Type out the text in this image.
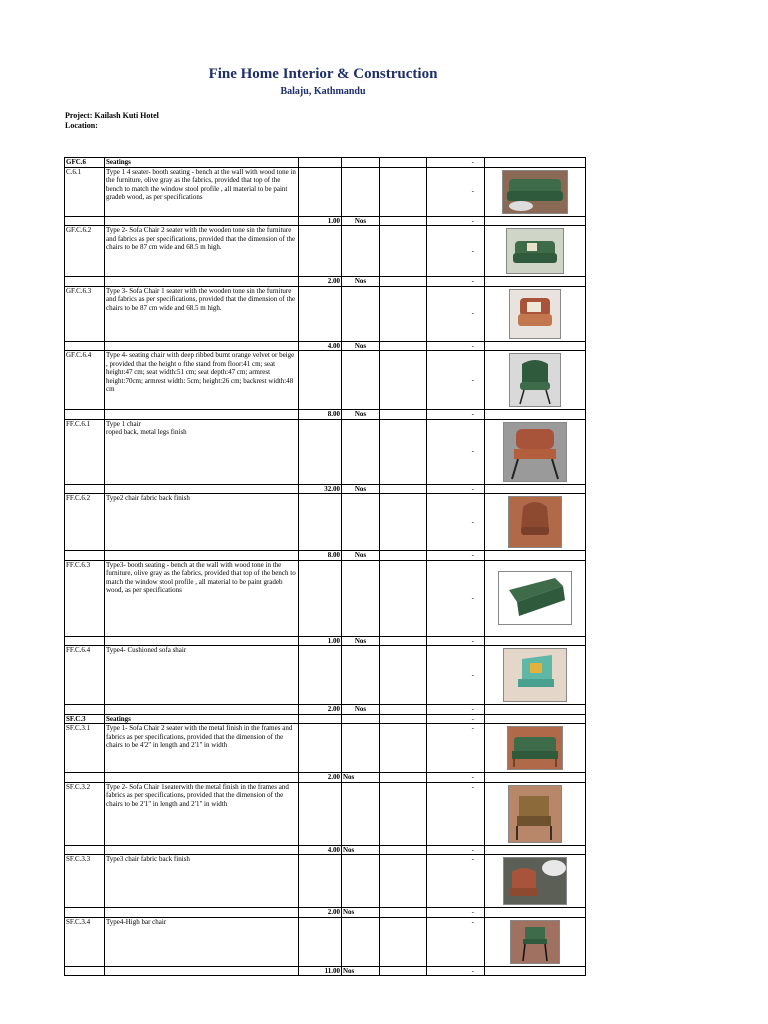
Fine Home Interior & Construction
Balaju, Kathmandu
Project: Kailash Kuti Hotel
Location:
GFC.6	Seatings				-	
C.6.1	Type 1 4 seater- booth seating - bench at the wall with wood tone in the furniture, olive gray as the fabrics, provided that top of the bench to match the window stool profile , all material to be paint gradeb wood, as per specifications				-	

		1.00	Nos		-	
GF.C.6.2	Type 2- Sofa Chair 2 seater with the wooden tone sin the furniture and fabrics as per specifications, provided that the dimension of the chairs to be 87 cm wide and 68.5 m high.				-	

		2.00	Nos		-	
GF.C.6.3	Type 3- Sofa Chair 1 seater with the wooden tone sin the furniture and fabrics as per specifications, provided that the dimension of the chairs to be 87 cm wide and 68.5 m high.				-	

		4.00	Nos		-	
GF.C.6.4	Type 4- seating chair with deep ribbed burnt orange velvet or beige , provided that the height o fthe stand from floor:41 cm; seat height:47 cm; seat width:51 cm; seat depth:47 cm; armrest height:70cm; armrest width: 5cm; height:26 cm; backrest width:48 cm				-	

		8.00	Nos		-	
FF.C.6.1	Type 1 chair
roped back, metal legs finish				-	

		32.00	Nos		-	
FF.C.6.2	Type2 chair fabric back finish				-	

		8.00	Nos		-	
FF.C.6.3	Type3- booth seating - bench at the wall with wood tone in the furniture, olive gray as the fabrics, provided that top of the bench to match the window stool profile , all material to be paint gradeb wood, as per specifications				-	

		1.00	Nos		-	
FF.C.6.4	Type4- Cushioned sofa shair				-	

		2.00	Nos		-	
SF.C.3	Seatings				-	
SF.C.3.1	Type 1- Sofa Chair 2 seater with the metal finish in the frames and fabrics as per specifications, provided that the dimension of the chairs to be 4'2" in length and 2'1" in width				-	

		2.00	Nos		-	
SF.C.3.2	Type 2- Sofa Chair 1seaterwith the metal finish in the frames and fabrics as per specifications, provided that the dimension of the chairs to be 2'1" in length and 2'1" in width				-	

		4.00	Nos		-	
SF.C.3.3	Type3 chair fabric back finish				-	

		2.00	Nos		-	
SF.C.3.4	Type4-High bar chair				-	

		11.00	Nos		-	
